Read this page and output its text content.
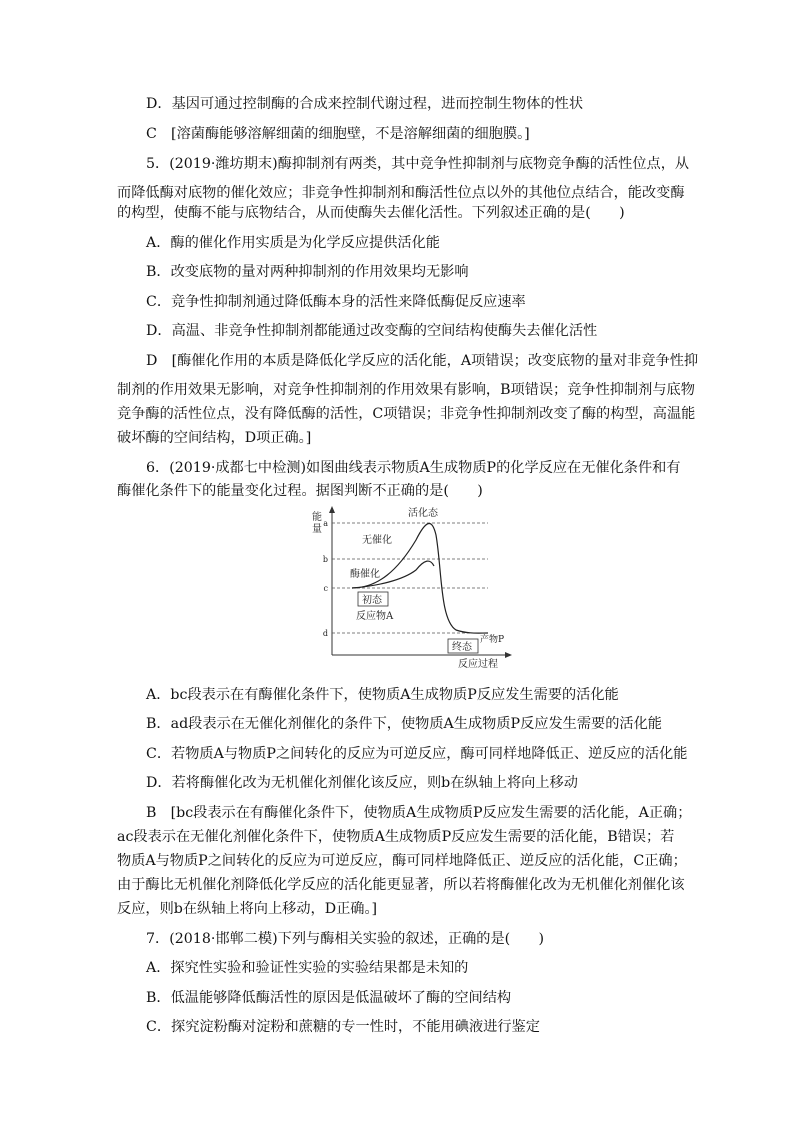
D．基因可通过控制酶的合成来控制代谢过程，进而控制生物体的性状
C　[溶菌酶能够溶解细菌的细胞壁，不是溶解细菌的细胞膜。]
5．(2019·潍坊期末)酶抑制剂有两类，其中竞争性抑制剂与底物竞争酶的活性位点，从
而降低酶对底物的催化效应；非竞争性抑制剂和酶活性位点以外的其他位点结合，能改变酶
的构型，使酶不能与底物结合，从而使酶失去催化活性。下列叙述正确的是(　　)
A．酶的催化作用实质是为化学反应提供活化能
B．改变底物的量对两种抑制剂的作用效果均无影响
C．竞争性抑制剂通过降低酶本身的活性来降低酶促反应速率
D．高温、非竞争性抑制剂都能通过改变酶的空间结构使酶失去催化活性
D　[酶催化作用的本质是降低化学反应的活化能，A项错误；改变底物的量对非竞争性抑
制剂的作用效果无影响，对竞争性抑制剂的作用效果有影响，B项错误；竞争性抑制剂与底物
竞争酶的活性位点，没有降低酶的活性，C项错误；非竞争性抑制剂改变了酶的构型，高温能
破坏酶的空间结构，D项正确。]
6．(2019·成都七中检测)如图曲线表示物质A生成物质P的化学反应在无催化条件和有
酶催化条件下的能量变化过程。据图判断不正确的是(　　)
A．bc段表示在有酶催化条件下，使物质A生成物质P反应发生需要的活化能
B．ad段表示在无催化剂催化的条件下，使物质A生成物质P反应发生需要的活化能
C．若物质A与物质P之间转化的反应为可逆反应，酶可同样地降低正、逆反应的活化能
D．若将酶催化改为无机催化剂催化该反应，则b在纵轴上将向上移动
B　[bc段表示在有酶催化条件下，使物质A生成物质P反应发生需要的活化能，A正确；
ac段表示在无催化剂催化条件下，使物质A生成物质P反应发生需要的活化能，B错误；若
物质A与物质P之间转化的反应为可逆反应，酶可同样地降低正、逆反应的活化能，C正确；
由于酶比无机催化剂降低化学反应的活化能更显著，所以若将酶催化改为无机催化剂催化该
反应，则b在纵轴上将向上移动，D正确。]
7．(2018·邯郸二模)下列与酶相关实验的叙述，正确的是(　　)
A．探究性实验和验证性实验的实验结果都是未知的
B．低温能够降低酶活性的原因是低温破坏了酶的空间结构
C．探究淀粉酶对淀粉和蔗糖的专一性时，不能用碘液进行鉴定
a
b
c
d
能
量
活化态
无催化
酶催化
初态
反应物A
终态
产物P
反应过程
